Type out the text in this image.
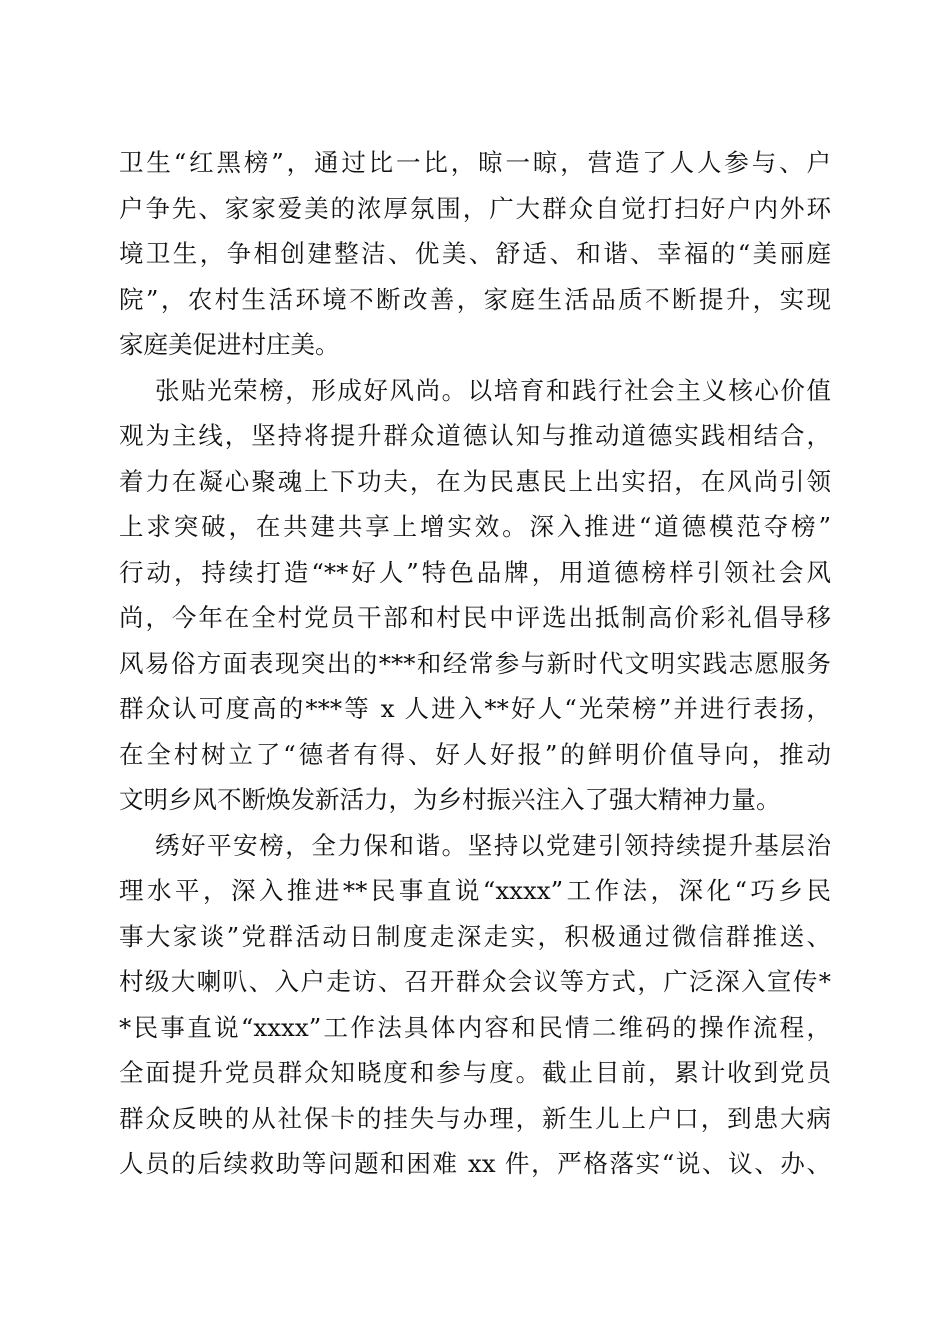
卫生“红黑榜”，通过比一比，晾一晾，营造了人人参与、户
户争先、家家爱美的浓厚氛围，广大群众自觉打扫好户内外环
境卫生，争相创建整洁、优美、舒适、和谐、幸福的“美丽庭
院”，农村生活环境不断改善，家庭生活品质不断提升，实现
家庭美促进村庄美。
张贴光荣榜，形成好风尚。以培育和践行社会主义核心价值
观为主线，坚持将提升群众道德认知与推动道德实践相结合，
着力在凝心聚魂上下功夫，在为民惠民上出实招，在风尚引领
上求突破，在共建共享上增实效。深入推进“道德模范夺榜”
行动，持续打造“**好人”特色品牌，用道德榜样引领社会风
尚，今年在全村党员干部和村民中评选出抵制高价彩礼倡导移
风易俗方面表现突出的***和经常参与新时代文明实践志愿服务
群众认可度高的***等 x 人进入**好人“光荣榜”并进行表扬，
在全村树立了“德者有得、好人好报”的鲜明价值导向，推动
文明乡风不断焕发新活力，为乡村振兴注入了强大精神力量。
绣好平安榜，全力保和谐。坚持以党建引领持续提升基层治
理水平，深入推进**民事直说“xxxx”工作法，深化“巧乡民
事大家谈”党群活动日制度走深走实，积极通过微信群推送、
村级大喇叭、入户走访、召开群众会议等方式，广泛深入宣传*
*民事直说“xxxx”工作法具体内容和民情二维码的操作流程，
全面提升党员群众知晓度和参与度。截止目前，累计收到党员
群众反映的从社保卡的挂失与办理，新生儿上户口，到患大病
人员的后续救助等问题和困难 xx 件，严格落实“说、议、办、
